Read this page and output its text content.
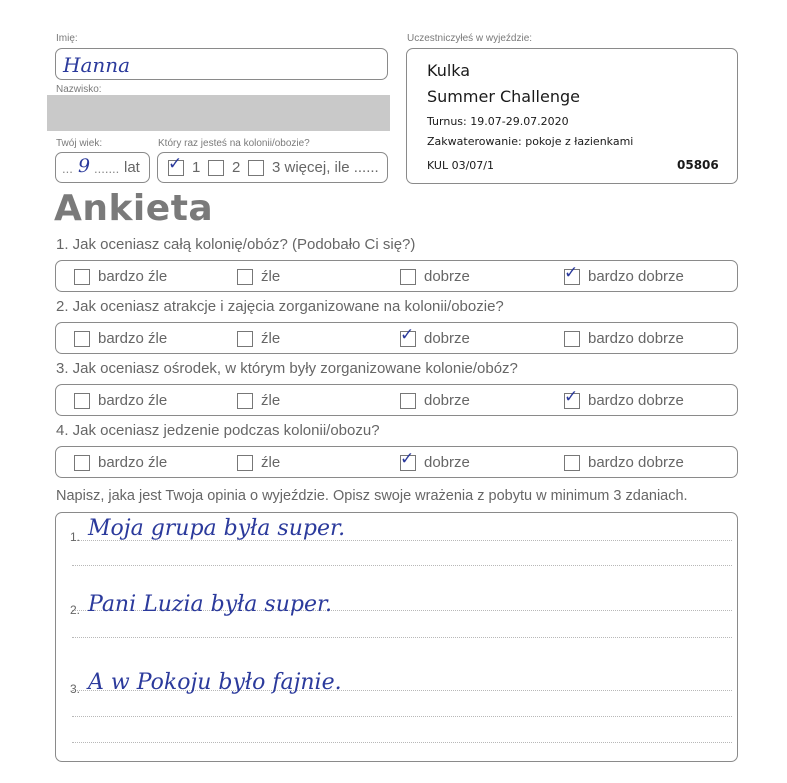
Imię:
Hanna
Nazwisko:
Twój wiek:
... 9 ....... lat
Który raz jesteś na kolonii/obozie?
✓ 1 2 3 więcej, ile ......
Uczestniczyłeś w wyjeździe:
Kulka
Summer Challenge
Turnus: 19.07-29.07.2020
Zakwaterowanie: pokoje z łazienkami
KUL 03/07/1	05806
Ankieta
1. Jak oceniasz całą kolonię/obóz? (Podobało Ci się?)
bardzo źle	źle	dobrze	✓ bardzo dobrze
2. Jak oceniasz atrakcje i zajęcia zorganizowane na kolonii/obozie?
bardzo źle	źle	✓ dobrze	bardzo dobrze
3. Jak oceniasz ośrodek, w którym były zorganizowane kolonie/obóz?
bardzo źle	źle	dobrze	✓ bardzo dobrze
4. Jak oceniasz jedzenie podczas kolonii/obozu?
bardzo źle	źle	✓ dobrze	bardzo dobrze
Napisz, jaka jest Twoja opinia o wyjeździe. Opisz swoje wrażenia z pobytu w minimum 3 zdaniach.
1. Moja grupa była super.
2. Pani Luzia była super.
3. A w Pokoju było fajnie.
